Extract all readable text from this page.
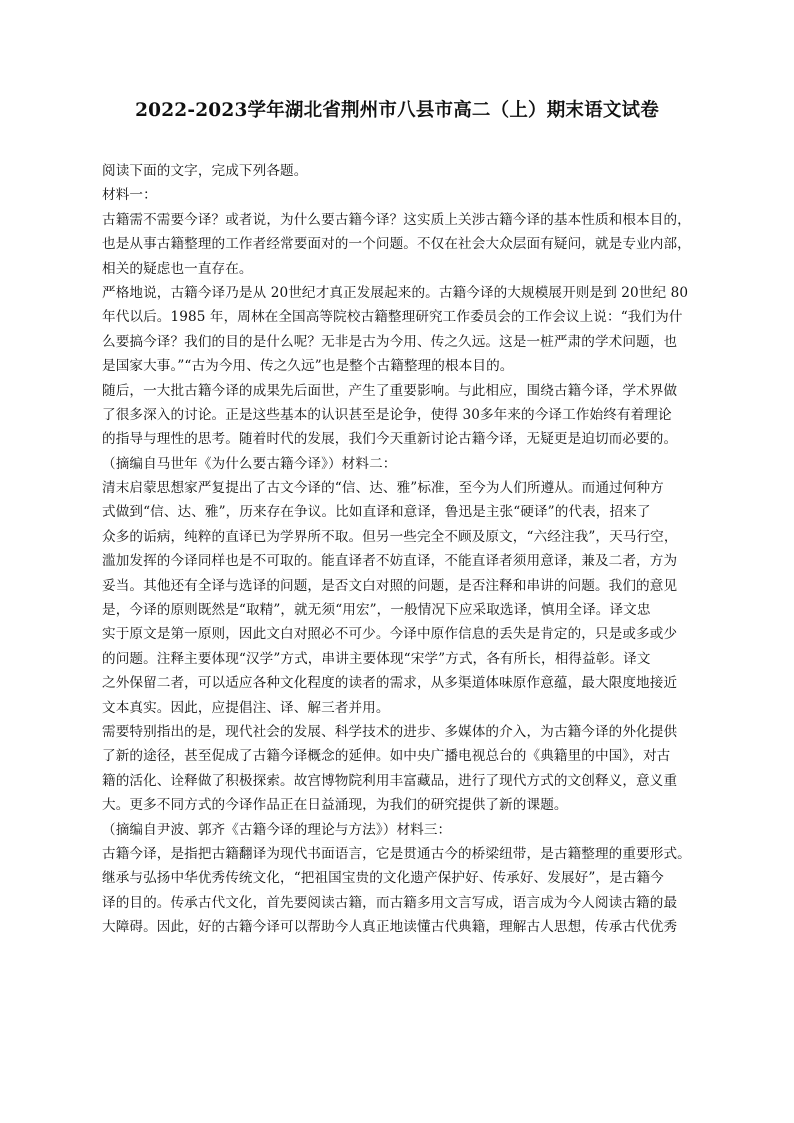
2022-2023学年湖北省荆州市八县市高二（上）期末语文试卷
阅读下面的文字，完成下列各题。
材料一：
古籍需不需要今译？或者说，为什么要古籍今译？这实质上关涉古籍今译的基本性质和根本目的，
也是从事古籍整理的工作者经常要面对的一个问题。不仅在社会大众层面有疑问，就是专业内部，
相关的疑虑也一直存在。
严格地说，古籍今译乃是从 20世纪才真正发展起来的。古籍今译的大规模展开则是到 20世纪 80
年代以后。1985 年，周林在全国高等院校古籍整理研究工作委员会的工作会议上说：“我们为什
么要搞今译？我们的目的是什么呢？无非是古为今用、传之久远。这是一桩严肃的学术问题，也
是国家大事。”“古为今用、传之久远”也是整个古籍整理的根本目的。
随后，一大批古籍今译的成果先后面世，产生了重要影响。与此相应，围绕古籍今译，学术界做
了很多深入的讨论。正是这些基本的认识甚至是论争，使得 30多年来的今译工作始终有着理论
的指导与理性的思考。随着时代的发展，我们今天重新讨论古籍今译，无疑更是迫切而必要的。
（摘编自马世年《为什么要古籍今译》）材料二：
清末启蒙思想家严复提出了古文今译的“信、达、雅”标准，至今为人们所遵从。而通过何种方
式做到“信、达、雅”，历来存在争议。比如直译和意译，鲁迅是主张“硬译”的代表，招来了
众多的诟病，纯粹的直译已为学界所不取。但另一些完全不顾及原文，“六经注我”，天马行空，
滥加发挥的今译同样也是不可取的。能直译者不妨直译，不能直译者须用意译，兼及二者，方为
妥当。其他还有全译与选译的问题，是否文白对照的问题，是否注释和串讲的问题。我们的意见
是，今译的原则既然是“取精”，就无须“用宏”，一般情况下应采取选译，慎用全译。译文忠
实于原文是第一原则，因此文白对照必不可少。今译中原作信息的丢失是肯定的，只是或多或少
的问题。注释主要体现“汉学”方式，串讲主要体现“宋学”方式，各有所长，相得益彰。译文
之外保留二者，可以适应各种文化程度的读者的需求，从多渠道体味原作意蕴，最大限度地接近
文本真实。因此，应提倡注、译、解三者并用。
需要特别指出的是，现代社会的发展、科学技术的进步、多媒体的介入，为古籍今译的外化提供
了新的途径，甚至促成了古籍今译概念的延伸。如中央广播电视总台的《典籍里的中国》，对古
籍的活化、诠释做了积极探索。故宫博物院利用丰富藏品，进行了现代方式的文创释义，意义重
大。更多不同方式的今译作品正在日益涌现，为我们的研究提供了新的课题。
（摘编自尹波、郭齐《古籍今译的理论与方法》）材料三：
古籍今译，是指把古籍翻译为现代书面语言，它是贯通古今的桥梁纽带，是古籍整理的重要形式。
继承与弘扬中华优秀传统文化，“把祖国宝贵的文化遗产保护好、传承好、发展好”，是古籍今
译的目的。传承古代文化，首先要阅读古籍，而古籍多用文言写成，语言成为今人阅读古籍的最
大障碍。因此，好的古籍今译可以帮助今人真正地读懂古代典籍，理解古人思想，传承古代优秀
